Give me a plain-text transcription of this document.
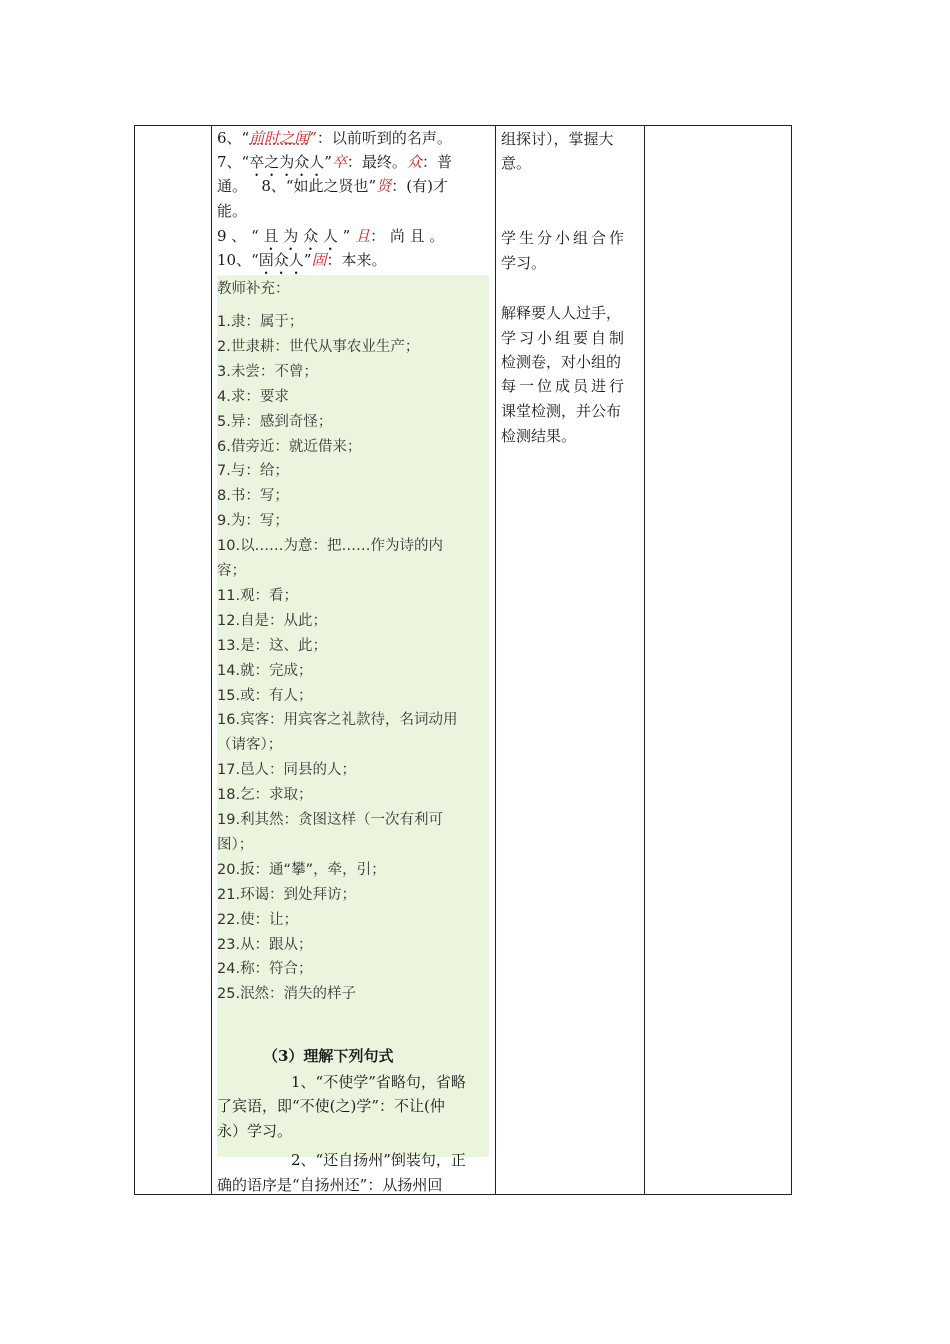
6、“前时之闻”：以前听到的名声。
7、“卒之为众人”卒：最终。众：普
通。 8、“如此之贤也”贤：(有)才
能。
9 、 “ 且 为 众 人 ” 且： 尚 且 。
10、“固众人”固：本来。
教师补充：
1.隶：属于；
2.世隶耕：世代从事农业生产；
3.未尝：不曾；
4.求：要求
5.异：感到奇怪；
6.借旁近：就近借来；
7.与：给；
8.书：写；
9.为：写；
10.以……为意：把……作为诗的内
容；
11.观：看；
12.自是：从此；
13.是：这、此；
14.就：完成；
15.或：有人；
16.宾客：用宾客之礼款待，名词动用
（请客）；
17.邑人：同县的人；
18.乞：求取；
19.利其然：贪图这样（一次有利可
图）；
20.扳：通“攀”，牵，引；
21.环谒：到处拜访；
22.使：让；
23.从：跟从；
24.称：符合；
25.泯然：消失的样子
（3）理解下列句式
1、“不使学”省略句，省略
了宾语，即“不使(之)学”：不让(仲
永）学习。
2、“还自扬州”倒装句，正
确的语序是“自扬州还”：从扬州回
组探讨），掌握大
意。
学生分小组合作
学习。
解释要人人过手，
学习小组要自制
检测卷，对小组的
每一位成员进行
课堂检测，并公布
检测结果。
